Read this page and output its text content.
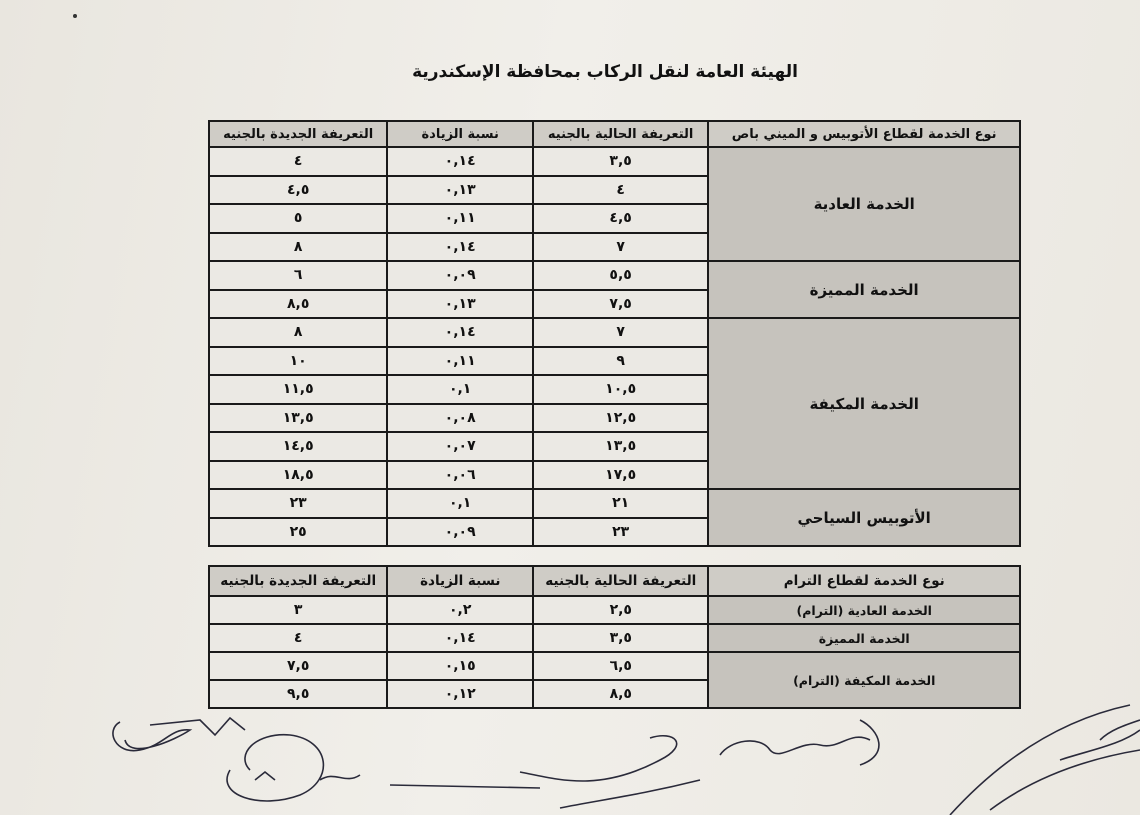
الهيئة العامة لنقل الركاب بمحافظة الإسكندرية
نوع الخدمة لقطاع الأتوبيس و الميني باص	التعريفة الحالية بالجنيه	نسبة الزيادة	التعريفة الجديدة بالجنيه
الخدمة العادية	٣,٥	٠,١٤	٤
	٤	٠,١٣	٤,٥
	٤,٥	٠,١١	٥
	٧	٠,١٤	٨
الخدمة المميزة	٥,٥	٠,٠٩	٦
	٧,٥	٠,١٣	٨,٥
الخدمة المكيفة	٧	٠,١٤	٨
	٩	٠,١١	١٠
	١٠,٥	٠,١	١١,٥
	١٢,٥	٠,٠٨	١٣,٥
	١٣,٥	٠,٠٧	١٤,٥
	١٧,٥	٠,٠٦	١٨,٥
الأتوبيس السياحي	٢١	٠,١	٢٣
	٢٣	٠,٠٩	٢٥
نوع الخدمة لقطاع الترام	التعريفة الحالية بالجنيه	نسبة الزيادة	التعريفة الجديدة بالجنيه
الخدمة العادية (الترام)	٢,٥	٠,٢	٣
الخدمة المميزة	٣,٥	٠,١٤	٤
الخدمة المكيفة (الترام)	٦,٥	٠,١٥	٧,٥
	٨,٥	٠,١٢	٩,٥
